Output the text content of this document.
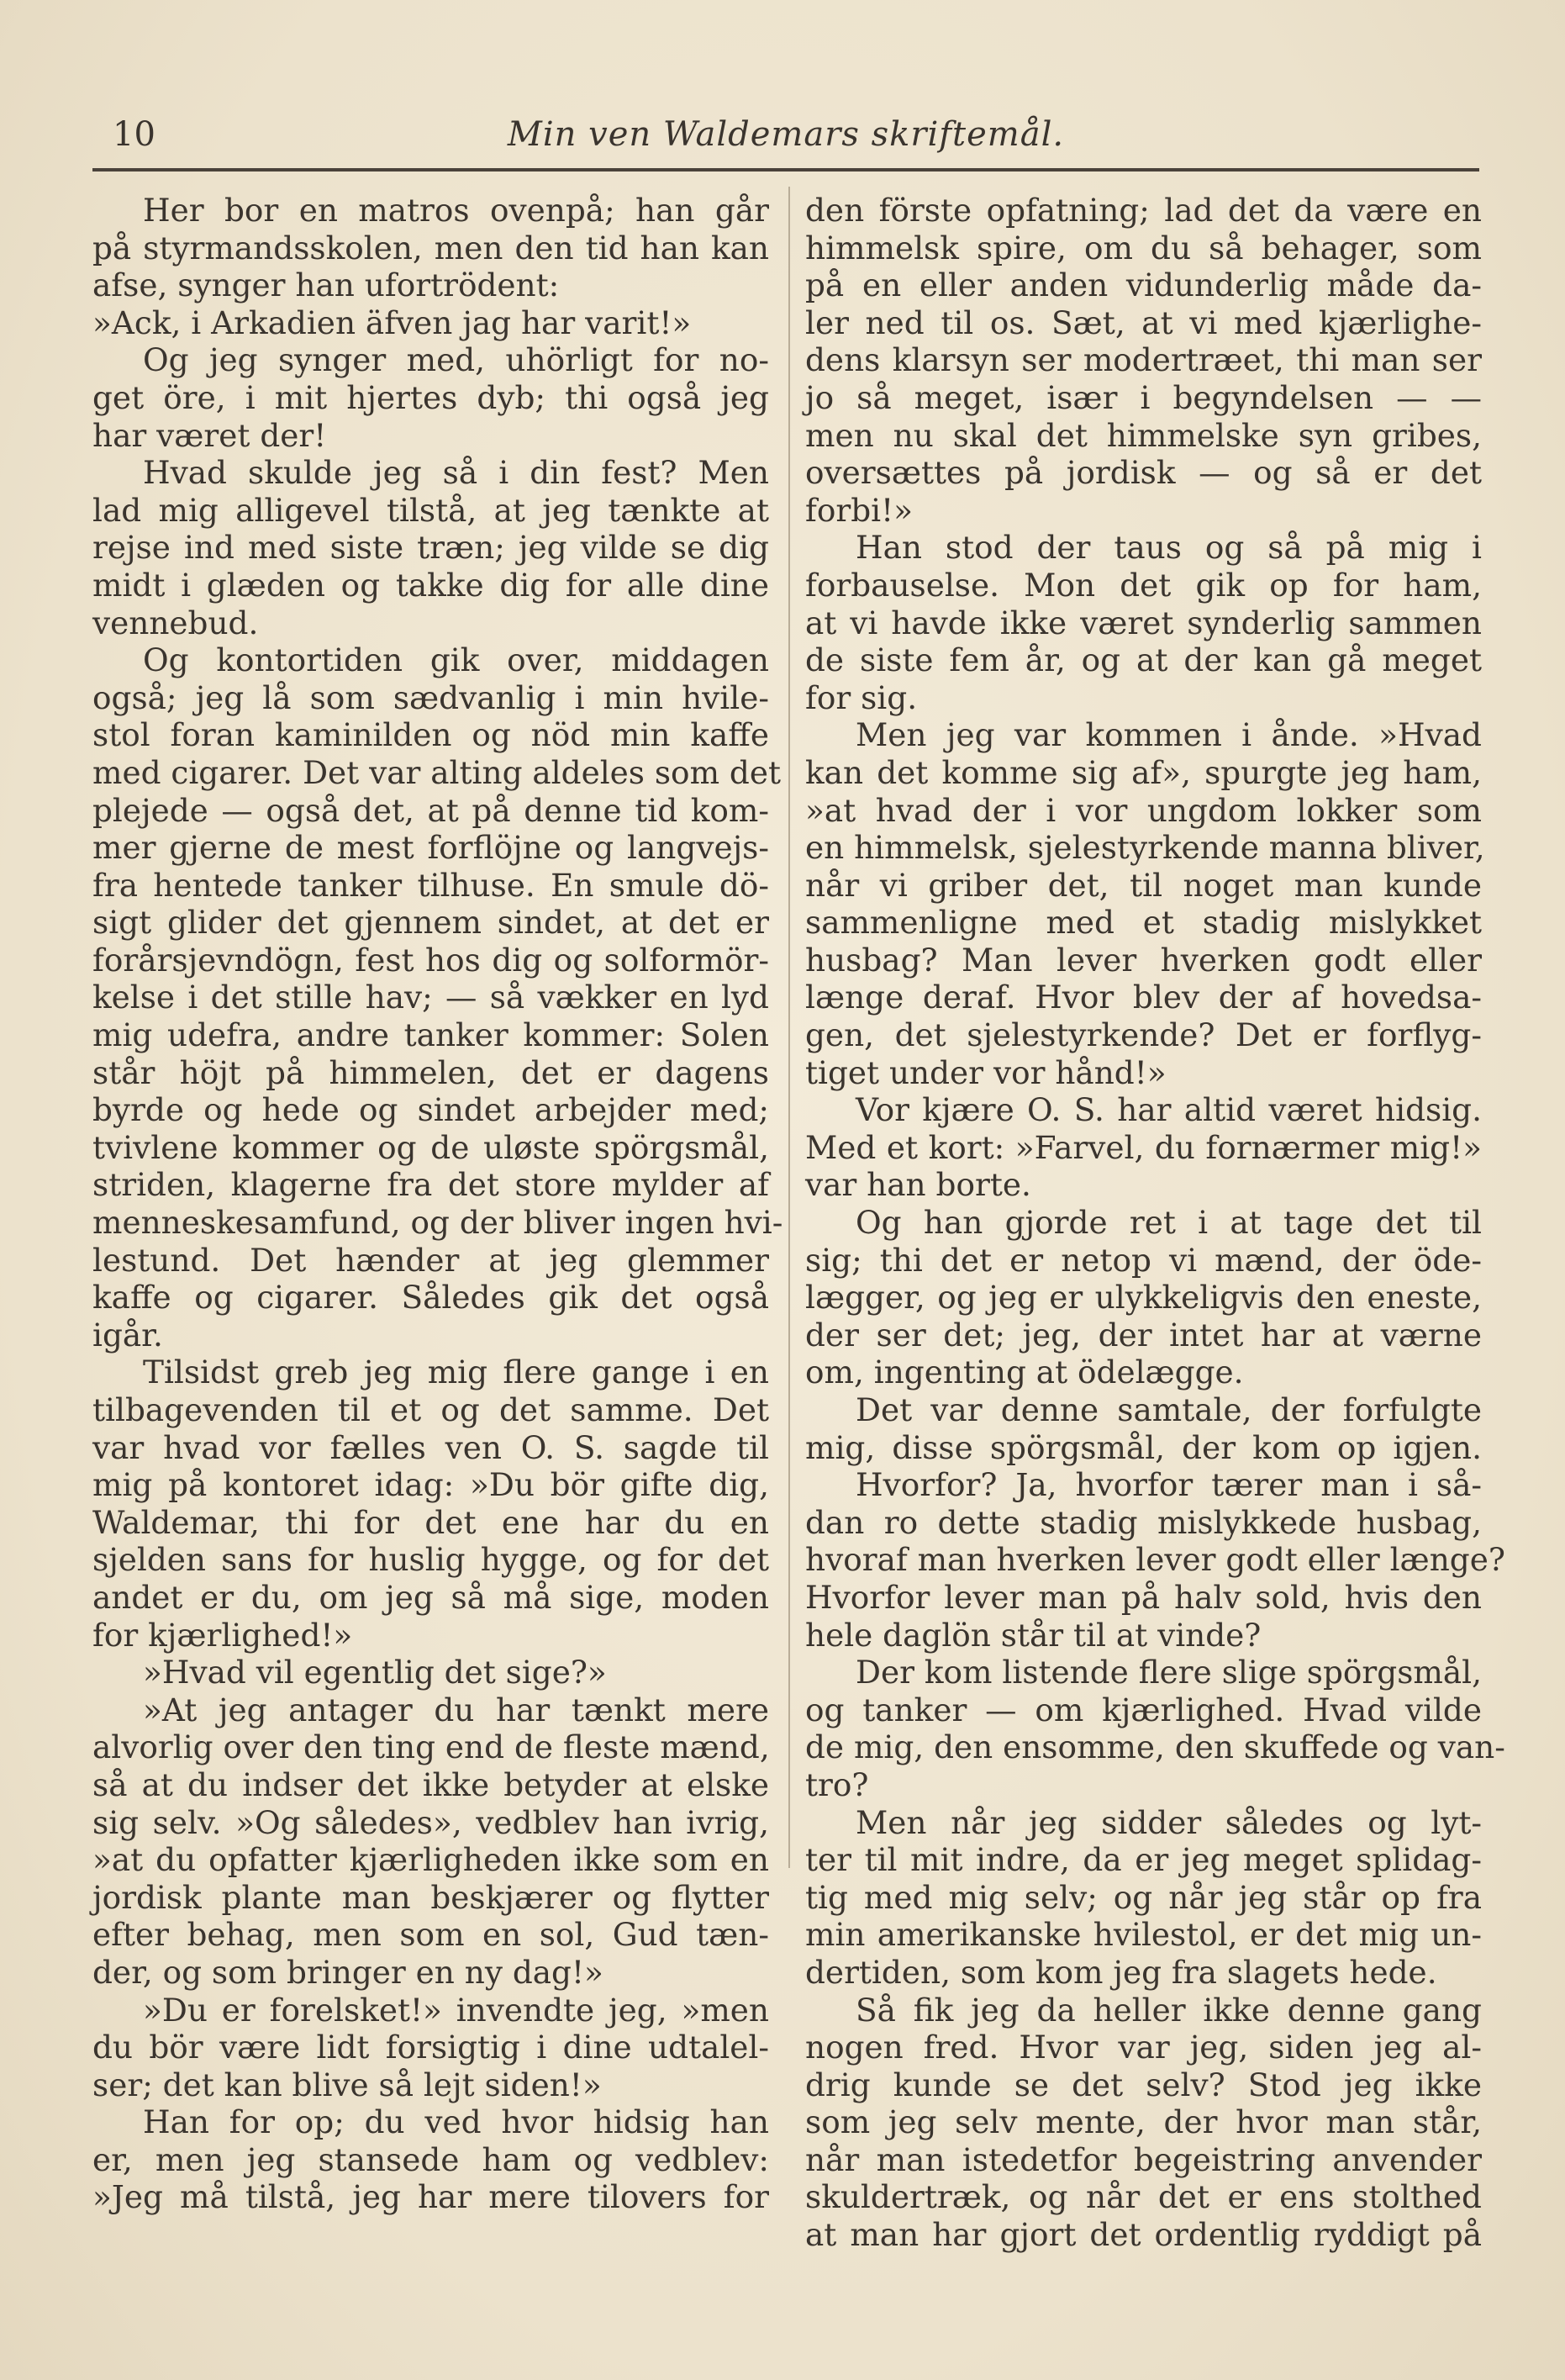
10	Min ven Waldemars skriftemål.
Her bor en matros ovenpå; han går
på styrmandsskolen, men den tid han kan
afse, synger han ufortrödent:
»Ack, i Arkadien äfven jag har varit!»
Og jeg synger med, uhörligt for no-
get öre, i mit hjertes dyb; thi også jeg
har været der!
Hvad skulde jeg så i din fest? Men
lad mig alligevel tilstå, at jeg tænkte at
rejse ind med siste træn; jeg vilde se dig
midt i glæden og takke dig for alle dine
vennebud.
Og kontortiden gik over, middagen
også; jeg lå som sædvanlig i min hvile-
stol foran kaminilden og nöd min kaffe
med cigarer. Det var alting aldeles som det
plejede — også det, at på denne tid kom-
mer gjerne de mest forflöjne og langvejs-
fra hentede tanker tilhuse. En smule dö-
sigt glider det gjennem sindet, at det er
forårsjevndögn, fest hos dig og solformör-
kelse i det stille hav; — så vækker en lyd
mig udefra, andre tanker kommer: Solen
står höjt på himmelen, det er dagens
byrde og hede og sindet arbejder med;
tvivlene kommer og de uløste spörgsmål,
striden, klagerne fra det store mylder af
menneskesamfund, og der bliver ingen hvi-
lestund. Det hænder at jeg glemmer
kaffe og cigarer. Således gik det også
igår.
Tilsidst greb jeg mig flere gange i en
tilbagevenden til et og det samme. Det
var hvad vor fælles ven O. S. sagde til
mig på kontoret idag: »Du bör gifte dig,
Waldemar, thi for det ene har du en
sjelden sans for huslig hygge, og for det
andet er du, om jeg så må sige, moden
for kjærlighed!»
»Hvad vil egentlig det sige?»
»At jeg antager du har tænkt mere
alvorlig over den ting end de fleste mænd,
så at du indser det ikke betyder at elske
sig selv. »Og således», vedblev han ivrig,
»at du opfatter kjærligheden ikke som en
jordisk plante man beskjærer og flytter
efter behag, men som en sol, Gud tæn-
der, og som bringer en ny dag!»
»Du er forelsket!» invendte jeg, »men
du bör være lidt forsigtig i dine udtalel-
ser; det kan blive så lejt siden!»
Han for op; du ved hvor hidsig han
er, men jeg stansede ham og vedblev:
»Jeg må tilstå, jeg har mere tilovers for
den förste opfatning; lad det da være en
himmelsk spire, om du så behager, som
på en eller anden vidunderlig måde da-
ler ned til os. Sæt, at vi med kjærlighe-
dens klarsyn ser modertræet, thi man ser
jo så meget, især i begyndelsen — —
men nu skal det himmelske syn gribes,
oversættes på jordisk — og så er det
forbi!»
Han stod der taus og så på mig i
forbauselse. Mon det gik op for ham,
at vi havde ikke været synderlig sammen
de siste fem år, og at der kan gå meget
for sig.
Men jeg var kommen i ånde. »Hvad
kan det komme sig af», spurgte jeg ham,
»at hvad der i vor ungdom lokker som
en himmelsk, sjelestyrkende manna bliver,
når vi griber det, til noget man kunde
sammenligne med et stadig mislykket
husbag? Man lever hverken godt eller
længe deraf. Hvor blev der af hovedsa-
gen, det sjelestyrkende? Det er forflyg-
tiget under vor hånd!»
Vor kjære O. S. har altid været hidsig.
Med et kort: »Farvel, du fornærmer mig!»
var han borte.
Og han gjorde ret i at tage det til
sig; thi det er netop vi mænd, der öde-
lægger, og jeg er ulykkeligvis den eneste,
der ser det; jeg, der intet har at værne
om, ingenting at ödelægge.
Det var denne samtale, der forfulgte
mig, disse spörgsmål, der kom op igjen.
Hvorfor? Ja, hvorfor tærer man i så-
dan ro dette stadig mislykkede husbag,
hvoraf man hverken lever godt eller længe?
Hvorfor lever man på halv sold, hvis den
hele daglön står til at vinde?
Der kom listende flere slige spörgsmål,
og tanker — om kjærlighed. Hvad vilde
de mig, den ensomme, den skuffede og van-
tro?
Men når jeg sidder således og lyt-
ter til mit indre, da er jeg meget splidag-
tig med mig selv; og når jeg står op fra
min amerikanske hvilestol, er det mig un-
dertiden, som kom jeg fra slagets hede.
Så fik jeg da heller ikke denne gang
nogen fred. Hvor var jeg, siden jeg al-
drig kunde se det selv? Stod jeg ikke
som jeg selv mente, der hvor man står,
når man istedetfor begeistring anvender
skuldertræk, og når det er ens stolthed
at man har gjort det ordentlig ryddigt på
